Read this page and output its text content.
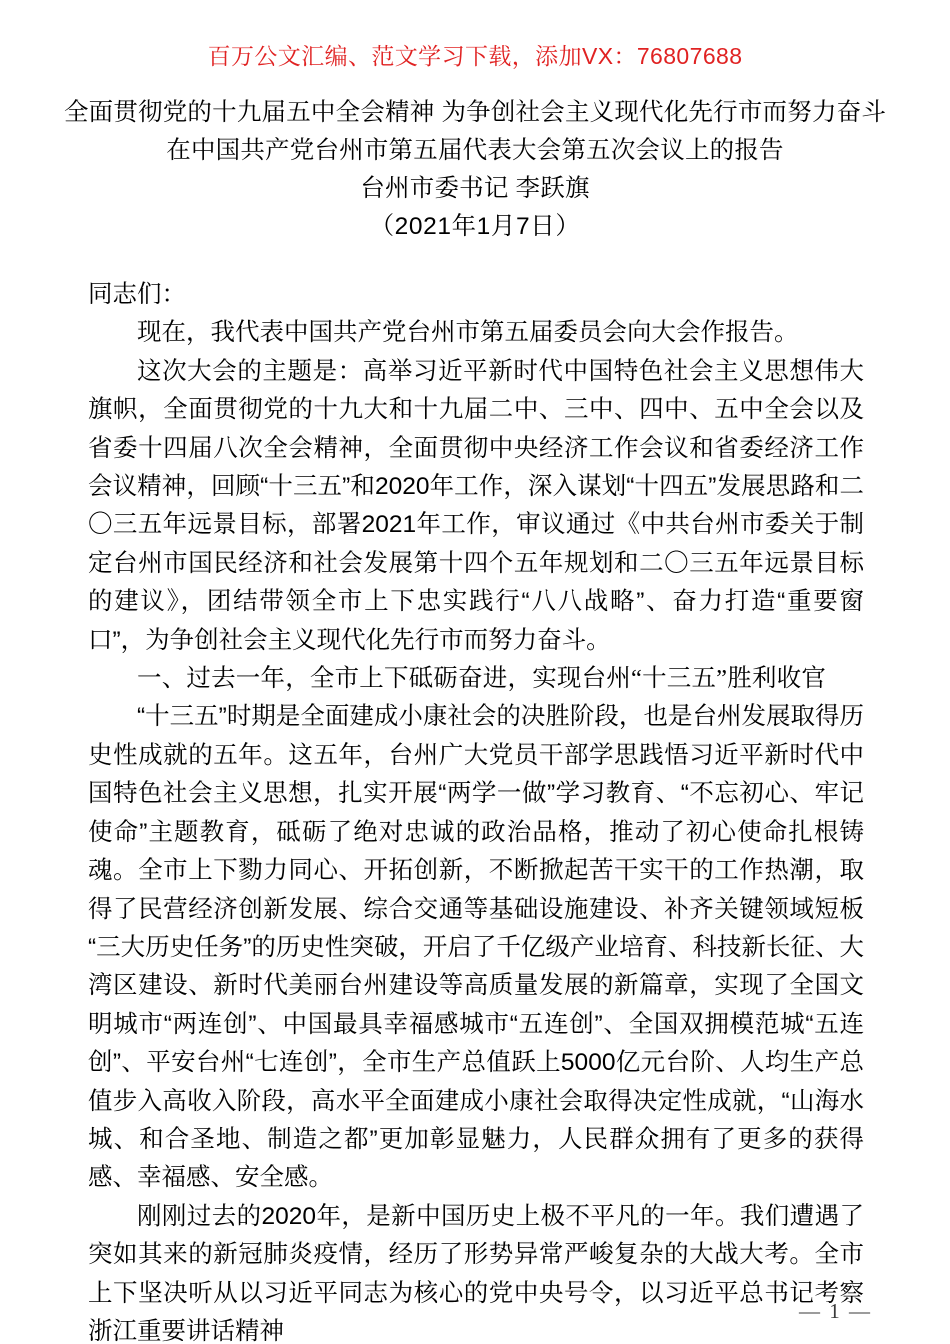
百万公文汇编、范文学习下载，添加VX：76807688
全面贯彻党的十九届五中全会精神 为争创社会主义现代化先行市而努力奋斗
在中国共产党台州市第五届代表大会第五次会议上的报告
台州市委书记 李跃旗
（2021年1月7日）

同志们：

现在，我代表中国共产党台州市第五届委员会向大会作报告。

这次大会的主题是：高举习近平新时代中国特色社会主义思想伟大旗帜，全面贯彻党的十九大和十九届二中、三中、四中、五中全会以及省委十四届八次全会精神，全面贯彻中央经济工作会议和省委经济工作会议精神，回顾“十三五”和2020年工作，深入谋划“十四五”发展思路和二〇三五年远景目标，部署2021年工作，审议通过《中共台州市委关于制定台州市国民经济和社会发展第十四个五年规划和二〇三五年远景目标的建议》，团结带领全市上下忠实践行“八八战略”、奋力打造“重要窗口”，为争创社会主义现代化先行市而努力奋斗。

一、过去一年，全市上下砥砺奋进，实现台州“十三五”胜利收官

“十三五”时期是全面建成小康社会的决胜阶段，也是台州发展取得历史性成就的五年。这五年，台州广大党员干部学思践悟习近平新时代中国特色社会主义思想，扎实开展“两学一做”学习教育、“不忘初心、牢记使命”主题教育，砥砺了绝对忠诚的政治品格，推动了初心使命扎根铸魂。全市上下勠力同心、开拓创新，不断掀起苦干实干的工作热潮，取得了民营经济创新发展、综合交通等基础设施建设、补齐关键领域短板“三大历史任务”的历史性突破，开启了千亿级产业培育、科技新长征、大湾区建设、新时代美丽台州建设等高质量发展的新篇章，实现了全国文明城市“两连创”、中国最具幸福感城市“五连创”、全国双拥模范城“五连创”、平安台州“七连创”，全市生产总值跃上5000亿元台阶、人均生产总值步入高收入阶段，高水平全面建成小康社会取得决定性成就，“山海水城、和合圣地、制造之都”更加彰显魅力，人民群众拥有了更多的获得感、幸福感、安全感。

刚刚过去的2020年，是新中国历史上极不平凡的一年。我们遭遇了突如其来的新冠肺炎疫情，经历了形势异常严峻复杂的大战大考。全市上下坚决听从以习近平同志为核心的党中央号令，以习近平总书记考察浙江重要讲话精神

— 1 —
